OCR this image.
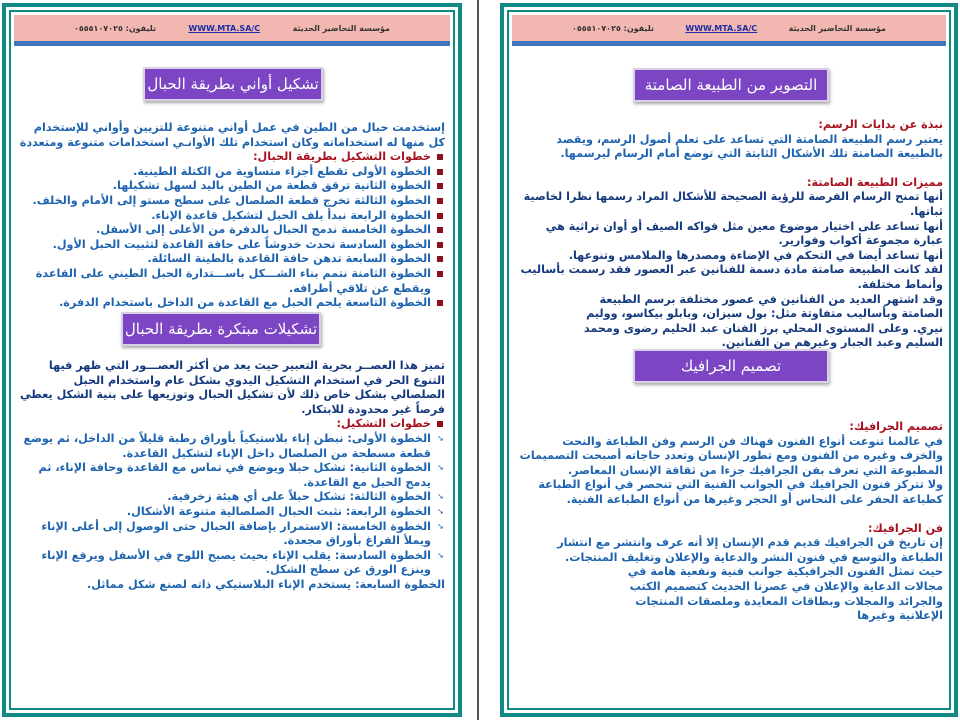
مؤسسة التحاضير الحديثة
WWW.MTA.SA/C
تليفون: ٠٥٥٥١٠٧٠٢٥
تشكيل أواني بطريقة الحبال

إستخدمت حبال من الطين في عمل أواني متنوعة للتزيين وأواني للإستخدام كل منها له استخداماته وكان استخدام تلك الأوانـي استخدامات متنوعة ومتعددة

خطوات التشكيل بطريقة الحبال:
الخطوة الأولى تقطع أجزاء متساوية من الكتلة الطينية.
الخطوة الثانية ترقق قطعة من الطين باليد لسهل تشكيلها.
الخطوة الثالثة تخرج قطعة الصلصال على سطح مستو إلى الأمام والخلف.
الخطوة الرابعة نبدأ بلف الحبل لتشكيل قاعدة الإناء.
الخطوة الخامسة ندمج الحبال بالدفرة من الأعلى إلى الأسفل.
الخطوة السادسة تحدث خدوشاً على حافة القاعدة لتثبيت الحبل الأول.
الخطوة السابعة تدهن حافة القاعدة بالطينة السائلة.
الخطوة الثامنة نتمم بناء الشـــكل باســـتدارة الحبل الطيني على القاعدة ويقطع عن تلاقي أطرافه.
الخطوة التاسعة يلحم الحبل مع القاعدة من الداخل باستخدام الدفرة.
تشكيلات مبتكرة بطريقة الحبال

تميز هذا العصــر بحرية التعبير حيث يعد من أكثر العصـــور التي ظهر فيها التنوع الحر في استخدام التشكيل اليدوي بشكل عام واستخدام الحبل الصلصالي بشكل خاص ذلك لأن تشكيل الحبال وتوزيعها على بنية الشكل يعطي فرصاً غير محدودة للابتكار.

خطوات التشكيل:
➘ الخطوة الأولى: نبطن إناء بلاستيكياً بأوراق رطبة قليلاً من الداخل، ثم يوضع قطعة مسطحة من الصلصال داخل الإناء لتشكيل القاعدة.
➘ الخطوة الثانية: تشكل حبلا ويوضع في تماس مع القاعدة وحافة الإناء، ثم يدمج الحبل مع القاعدة.
➘ الخطوة الثالثة: تشكل حبلاً على أي هيئة زخرفية.
➘ الخطوة الرابعة: نثبت الحبال الصلصالية متنوعة الأشكال.
➘ الخطوة الخامسة: الاستمرار بإضافة الحبال حتى الوصول إلى أعلى الإناء ويملأ الفراغ بأوراق مجعدة.
➘ الخطوة السادسة: يقلب الإناء بحيث يصبح اللوح في الأسفل ويرفع الإناء وينزع الورق عن سطح الشكل.

الخطوة السابعة: يستخدم الإناء البلاستيكي ذاته لصنع شكل مماثل.

مؤسسة التحاضير الحديثة
WWW.MTA.SA/C
تليفون: ٠٥٥٥١٠٧٠٢٥
التصوير من الطبيعة الصامتة
نبذة عن بدايات الرسم:

يعتبر رسم الطبيعة الصامتة التي تساعد على تعلم أصول الرسم، ويقصد بالطبيعة الصامتة تلك الأشكال الثابتة التي توضع أمام الرسام ليرسمها.

مميزات الطبيعة الصامتة:

أنها تمنح الرسام الفرصة للرؤية الصحيحة للأشكال المراد رسمها نظرا لخاصية ثباتها.

أنها تساعد على اختيار موضوع معين مثل فواكه الصيف أو أوان تراثية هي عبارة مجموعة أكواب وفوارير.

أنها تساعد أيضا في التحكم في الإضاءة ومصدرها والملامس وتنوعها.

لقد كانت الطبيعة صامتة مادة دسمة للفنانين عبر العصور فقد رسمت بأساليب وأنماط مختلفة.

وقد اشتهر العديد من الفنانين في عصور مختلفة برسم الطبيعة الصامتة وبأساليب متفاوتة مثل: بول سيزان، وبابلو بيكاسو، ووليم نيري. وعلى المستوى المحلي برز الفنان عبد الحليم رضوى ومحمد السليم وعبد الجبار وغيرهم من الفنانين.

تصميم الجرافيك
تصميم الجرافيك:

في عالمنا تنوعت أنواع الفنون فهناك فن الرسم وفن الطباعة والنحت والخزف وغيره من الفنون ومع تطور الإنسان وتعدد حاجاته أصبحت التصميمات المطبوعة التي تعرف بفن الجرافيك جزءا من ثقافة الإنسان المعاصر.

ولا تتركز فنون الجرافيك في الجوانب الفنية التي تنحصر في أنواع الطباعة كطباعة الحفر على النحاس أو الحجر وغيرها من أنواع الطباعة الفنية.

فن الجرافيك:

إن تاريخ فن الجرافيك قديم قدم الإنسان إلا أنه عرف وانتشر مع انتشار الطباعة والتوسع في فنون النشر والدعاية والإعلان وتغليف المنتجات.

حيث تمثل الفنون الجرافيكية جوانب فنية ونفعية هامة في مجالات الدعاية والإعلان في عصرنا الحديث كتصميم الكتب والجرائد والمجلات وبطاقات المعايدة وملصقات المنتجات الإعلانية وغيرها
